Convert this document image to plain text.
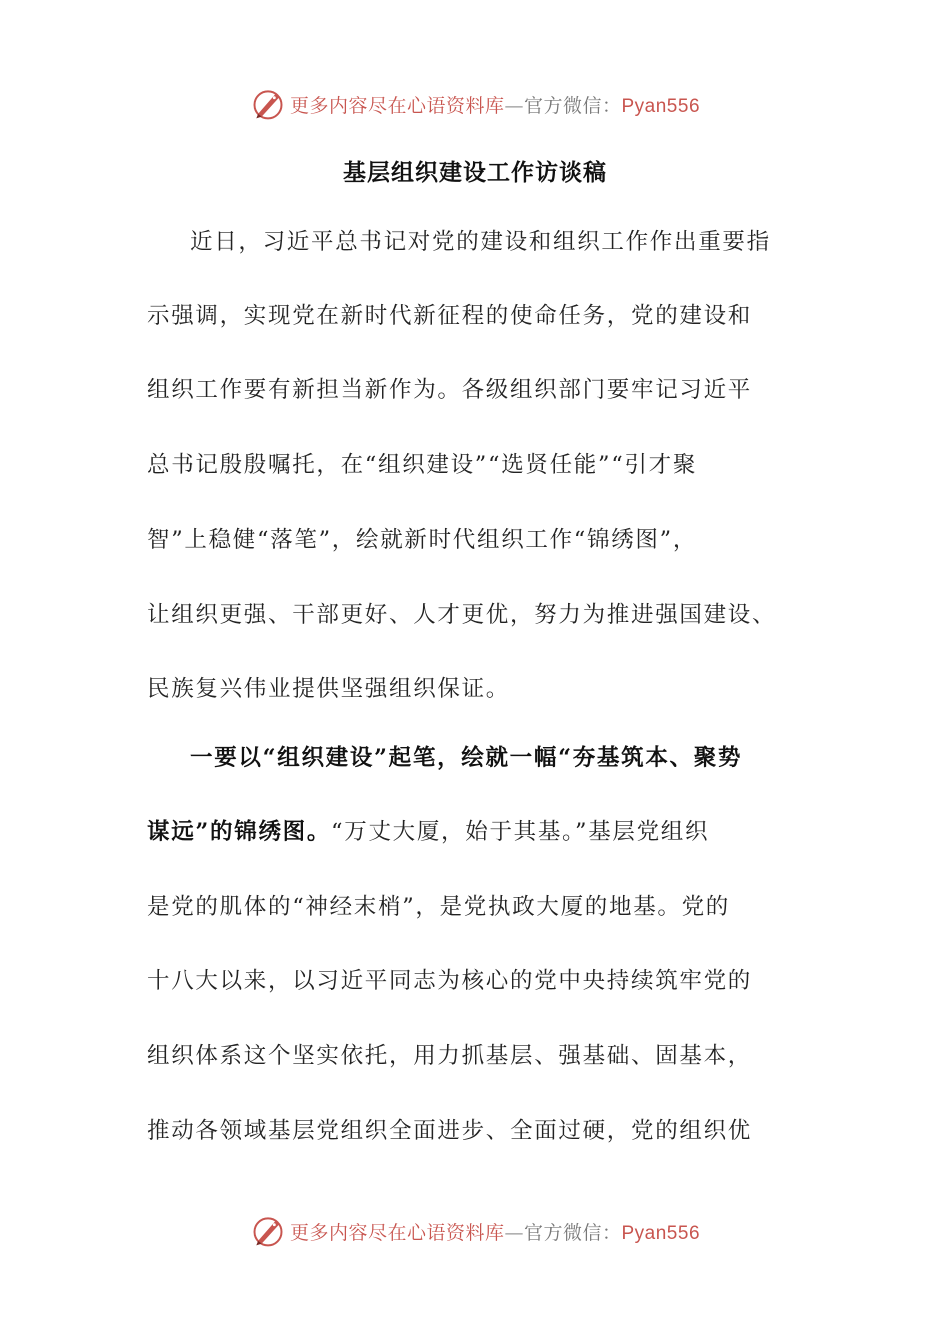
更多内容尽在心语资料库—官方微信：Pyan556
基层组织建设工作访谈稿

近日，习近平总书记对党的建设和组织工作作出重要指

示强调，实现党在新时代新征程的使命任务，党的建设和

组织工作要有新担当新作为。各级组织部门要牢记习近平

总书记殷殷嘱托，在“组织建设”“选贤任能”“引才聚

智”上稳健“落笔”，绘就新时代组织工作“锦绣图”，

让组织更强、干部更好、人才更优，努力为推进强国建设、

民族复兴伟业提供坚强组织保证。

一要以“组织建设”起笔，绘就一幅“夯基筑本、聚势

谋远”的锦绣图。“万丈大厦，始于其基。”基层党组织

是党的肌体的“神经末梢”，是党执政大厦的地基。党的

十八大以来，以习近平同志为核心的党中央持续筑牢党的

组织体系这个坚实依托，用力抓基层、强基础、固基本，

推动各领域基层党组织全面进步、全面过硬，党的组织优

更多内容尽在心语资料库—官方微信：Pyan556
